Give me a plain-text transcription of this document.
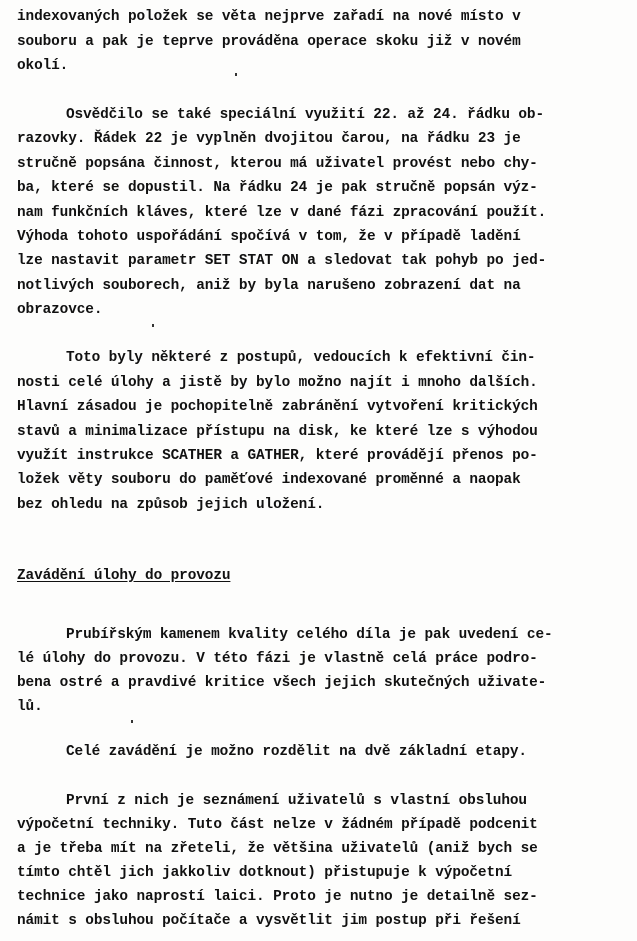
indexovaných položek se věta nejprve zařadí na nové místo v
souboru a pak je teprve prováděna operace skoku již v novém
okolí.
Osvědčilo se také speciální využití 22. až 24. řádku ob-
razovky. Řádek 22 je vyplněn dvojitou čarou, na řádku 23 je
stručně popsána činnost, kterou má uživatel provést nebo chy-
ba, které se dopustil. Na řádku 24 je pak stručně popsán výz-
nam funkčních kláves, které lze v dané fázi zpracování použít.
Výhoda tohoto uspořádání spočívá v tom, že v případě ladění
lze nastavit parametr SET STAT ON a sledovat tak pohyb po jed-
notlivých souborech, aniž by byla narušeno zobrazení dat na
obrazovce.
Toto byly některé z postupů, vedoucích k efektivní čin-
nosti celé úlohy a jistě by bylo možno najít i mnoho dalších.
Hlavní zásadou je pochopitelně zabránění vytvoření kritických
stavů a minimalizace přístupu na disk, ke které lze s výhodou
využít instrukce SCATHER a GATHER, které provádějí přenos po-
ložek věty souboru do paměťové indexované proměnné a naopak
bez ohledu na způsob jejich uložení.
Zavádění úlohy do provozu
Prubířským kamenem kvality celého díla je pak uvedení ce-
lé úlohy do provozu. V této fázi je vlastně celá práce podro-
bena ostré a pravdivé kritice všech jejich skutečných uživate-
lů.
Celé zavádění je možno rozdělit na dvě základní etapy.
První z nich je seznámení uživatelů s vlastní obsluhou
výpočetní techniky. Tuto část nelze v žádném případě podcenit
a je třeba mít na zřeteli, že většina uživatelů (aniž bych se
tímto chtěl jich jakkoliv dotknout) přistupuje k výpočetní
technice jako naprostí laici. Proto je nutno je detailně sez-
námit s obsluhou počítače a vysvětlit jim postup při řešení
